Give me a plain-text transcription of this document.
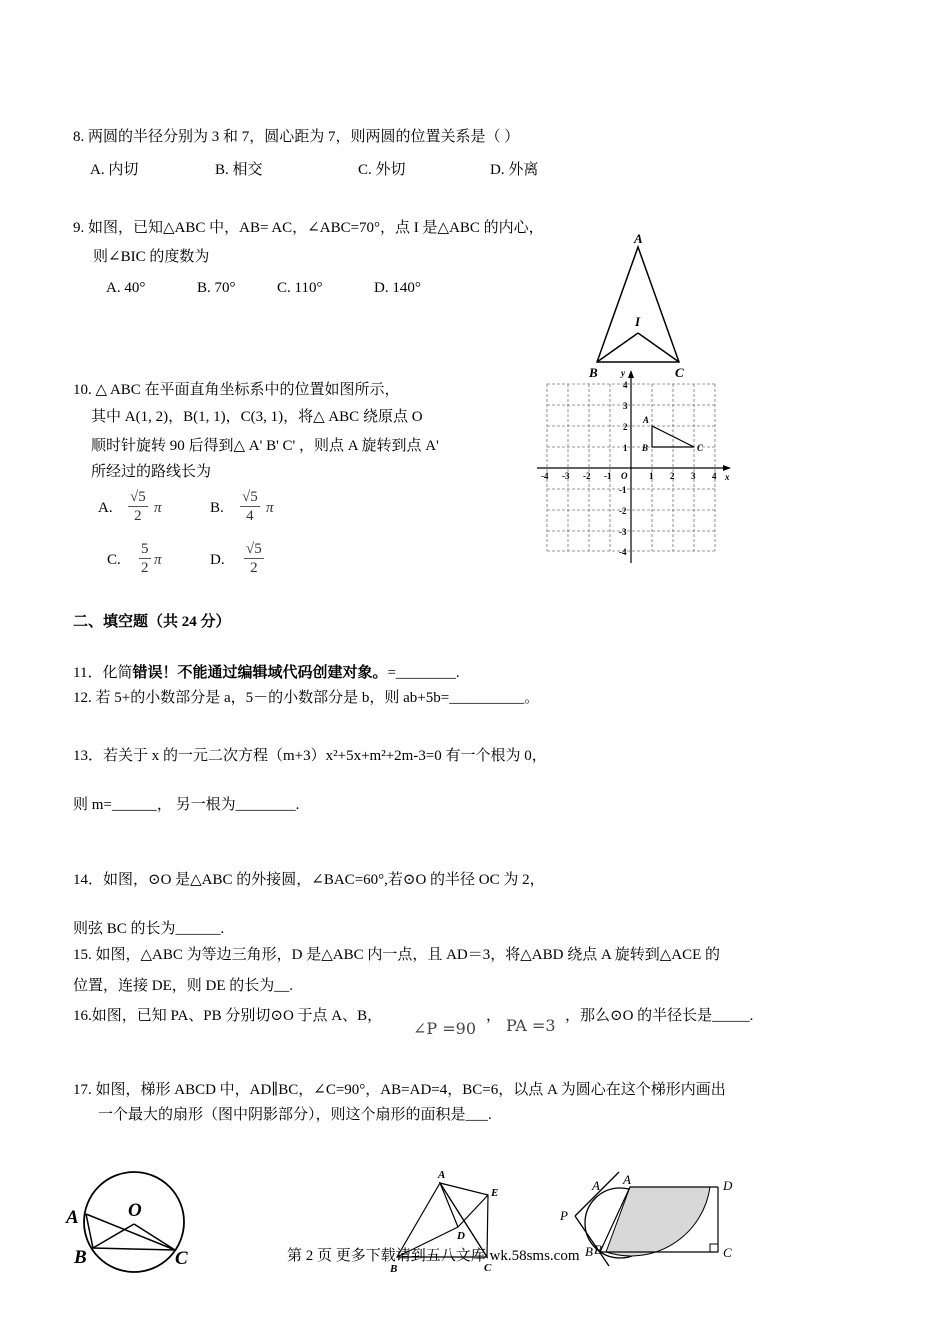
8. 两圆的半径分别为 3 和 7，圆心距为 7，则两圆的位置关系是（ ）
A. 内切	B. 相交	C. 外切	D. 外离
9. 如图，已知△ABC 中，AB= AC，∠ABC=70°，点 I 是△ABC 的内心，
则∠BIC 的度数为
A. 40°	B. 70°	C. 110°	D. 140°
A
I
B	C
10. △ ABC 在平面直角坐标系中的位置如图所示，
其中 A(1, 2)，B(1, 1)，C(3, 1)，将△ ABC 绕原点 O
顺时针旋转 90 后得到△ A' B' C' ，则点 A 旋转到点 A'
所经过的路线长为
A. $\frac{√5}{2}$ π	B. $\frac{√5}{4}$ π
C. $\frac{5}{2}$ π	D. $\frac{√5}{2}$
-4 -3 -2 -1 O 1 2 3 4 x
4
3
2
1
-1
-2
-3
-4
y
A
B	C
二、填空题（共 24 分）
11．化简错误！不能通过编辑域代码创建对象。=________.
12. 若 5+的小数部分是 a，5－的小数部分是 b，则 ab+5b=__________。
13．若关于 x 的一元二次方程（m+3）x²+5x+m²+2m-3=0 有一个根为 0，
则 m=______， 另一根为________.
14．如图，⊙O 是△ABC 的外接圆，∠BAC=60°,若⊙O 的半径 OC 为 2，
则弦 BC 的长为______.
15. 如图，△ABC 为等边三角形，D 是△ABC 内一点，且 AD＝3，将△ABD 绕点 A 旋转到△ACE 的
位置，连接 DE，则 DE 的长为__.
16.如图，已知 PA、PB 分别切⊙O 于点 A、B，
∠P =90
， PA =3 ，那么⊙O 的半径长是_____.
17. 如图，梯形 ABCD 中，AD∥BC，∠C=90°，AB=AD=4，BC=6，以点 A 为圆心在这个梯形内画出
一个最大的扇形（图中阴影部分），则这个扇形的面积是___.
O
A
B	C
A
E
D
B	C
A
P
B
A	D
B	C
第 2 页 更多下载请到五八文库 wk.58sms.com
